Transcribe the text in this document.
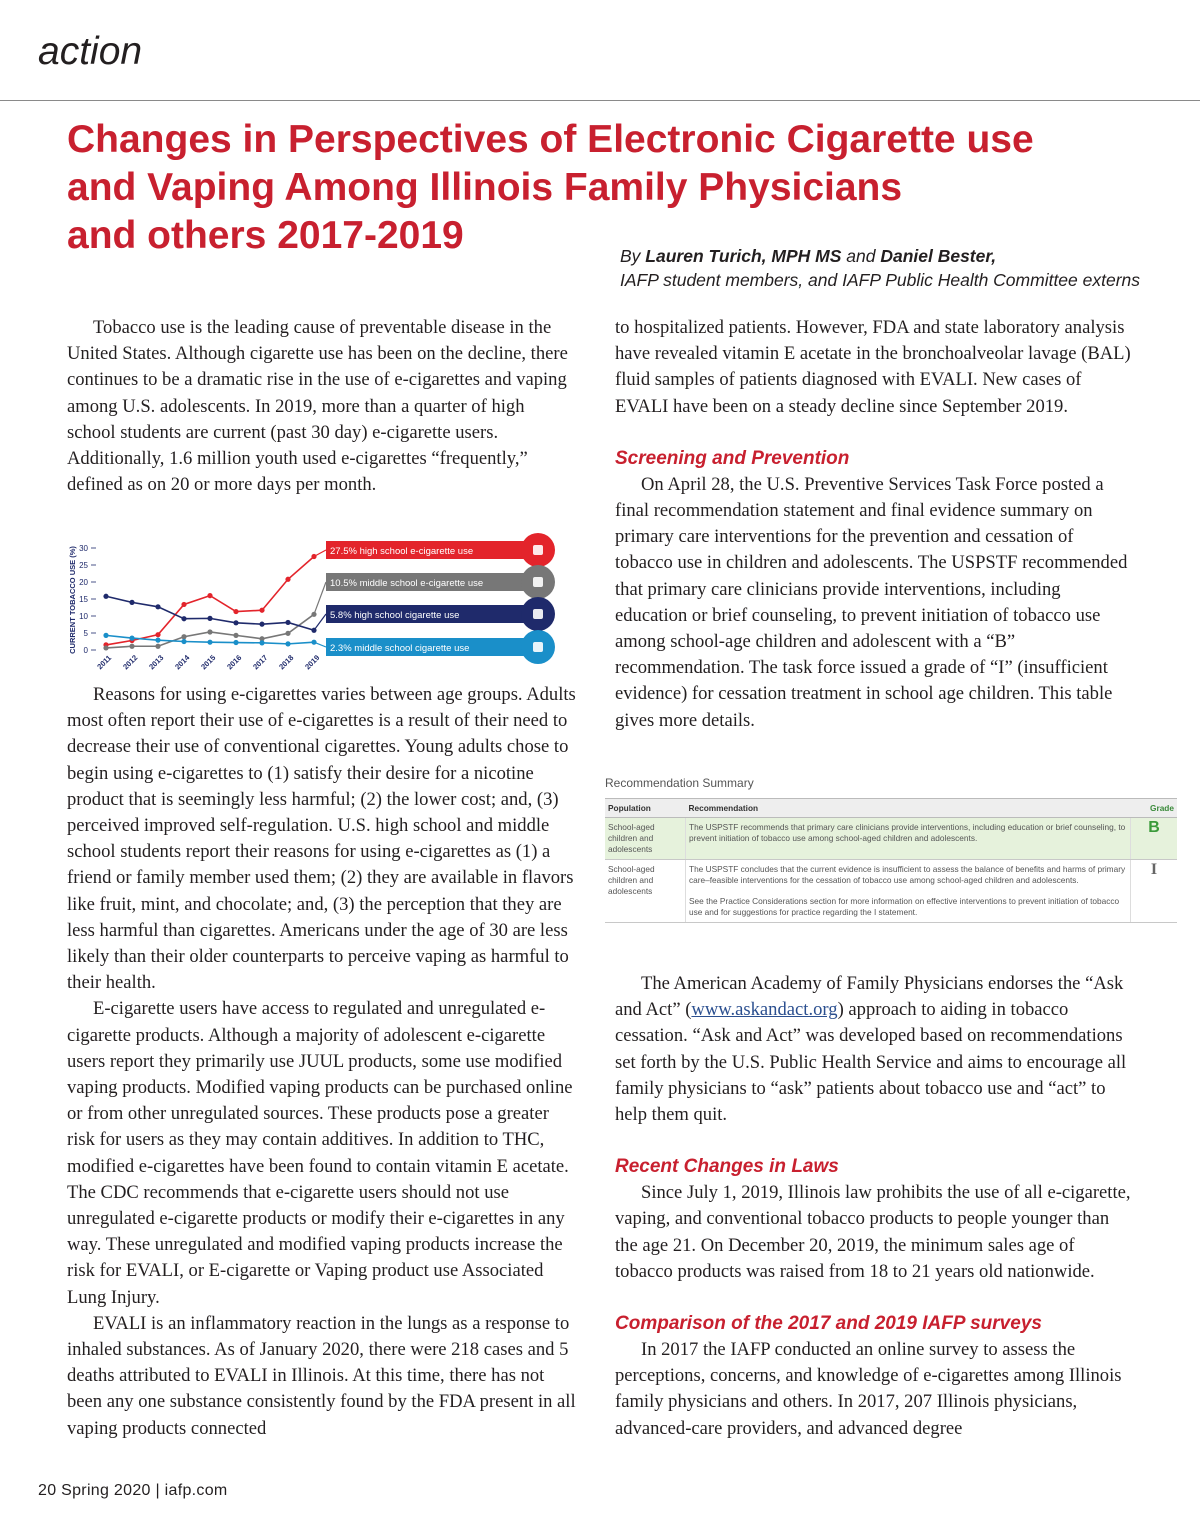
action
Changes in Perspectives of Electronic Cigarette use
and Vaping Among Illinois Family Physicians
and others 2017-2019	By Lauren Turich, MPH MS and Daniel Bester,
IAFP student members, and IAFP Public Health Committee externs

Tobacco use is the leading cause of preventable disease in the United States. Although cigarette use has been on the decline, there continues to be a dramatic rise in the use of e-cigarettes and vaping among U.S. adolescents. In 2019, more than a quarter of high school students are current (past 30 day) e-cigarette users. Additionally, 1.6 million youth used e-cigarettes “frequently,” defined as on 20 or more days per month.

CURRENT TOBACCO USE (%) 30
25
20
15
10
5
0
2011 2012 2013 2014 2015 2016 2017 2018 2019
27.5% high school e-cigarette use
10.5% middle school e-cigarette use
5.8% high school cigarette use
2.3% middle school cigarette use

Reasons for using e-cigarettes varies between age groups. Adults most often report their use of e-cigarettes is a result of their need to decrease their use of conventional cigarettes. Young adults chose to begin using e-cigarettes to (1) satisfy their desire for a nicotine product that is seemingly less harmful; (2) the lower cost; and, (3) perceived improved self-regulation. U.S. high school and middle school students report their reasons for using e-cigarettes as (1) a friend or family member used them; (2) they are available in flavors like fruit, mint, and chocolate; and, (3) the perception that they are less harmful than cigarettes. Americans under the age of 30 are less likely than their older counterparts to perceive vaping as harmful to their health.

E-cigarette users have access to regulated and unregulated e-cigarette products. Although a majority of adolescent e-cigarette users report they primarily use JUUL products, some use modified vaping products. Modified vaping products can be purchased online or from other unregulated sources. These products pose a greater risk for users as they may contain additives. In addition to THC, modified e-cigarettes have been found to contain vitamin E acetate. The CDC recommends that e-cigarette users should not use unregulated e-cigarette products or modify their e-cigarettes in any way. These unregulated and modified vaping products increase the risk for EVALI, or E-cigarette or Vaping product use Associated Lung Injury.

EVALI is an inflammatory reaction in the lungs as a response to inhaled substances. As of January 2020, there were 218 cases and 5 deaths attributed to EVALI in Illinois. At this time, there has not been any one substance consistently found by the FDA present in all vaping products connected

to hospitalized patients. However, FDA and state laboratory analysis have revealed vitamin E acetate in the bronchoalveolar lavage (BAL) fluid samples of patients diagnosed with EVALI. New cases of EVALI have been on a steady decline since September 2019.

Screening and Prevention

On April 28, the U.S. Preventive Services Task Force posted a final recommendation statement and final evidence summary on primary care interventions for the prevention and cessation of tobacco use in children and adolescents. The USPSTF recommended that primary care clinicians provide interventions, including education or brief counseling, to prevent initiation of tobacco use among school-age children and adolescent with a “B” recommendation. The task force issued a grade of “I” (insufficient evidence) for cessation treatment in school age children. This table gives more details.

Recommendation Summary
Population	Recommendation	Grade
School-aged children and adolescents	The USPSTF recommends that primary care clinicians provide interventions, including education or brief counseling, to prevent initiation of tobacco use among school-aged children and adolescents.	B
School-aged children and adolescents	The USPSTF concludes that the current evidence is insufficient to assess the balance of benefits and harms of primary care–feasible interventions for the cessation of tobacco use among school-aged children and adolescents.
See the Practice Considerations section for more information on effective interventions to prevent initiation of tobacco use and for suggestions for practice regarding the I statement.	I

The American Academy of Family Physicians endorses the “Ask and Act” (www.askandact.org) approach to aiding in tobacco cessation. “Ask and Act” was developed based on recommendations set forth by the U.S. Public Health Service and aims to encourage all family physicians to “ask” patients about tobacco use and “act” to help them quit.

Recent Changes in Laws

Since July 1, 2019, Illinois law prohibits the use of all e-cigarette, vaping, and conventional tobacco products to people younger than the age 21. On December 20, 2019, the minimum sales age of tobacco products was raised from 18 to 21 years old nationwide.

Comparison of the 2017 and 2019 IAFP surveys

In 2017 the IAFP conducted an online survey to assess the perceptions, concerns, and knowledge of e-cigarettes among Illinois family physicians and others. In 2017, 207 Illinois physicians, advanced-care providers, and advanced degree

20 Spring 2020 | iafp.com
